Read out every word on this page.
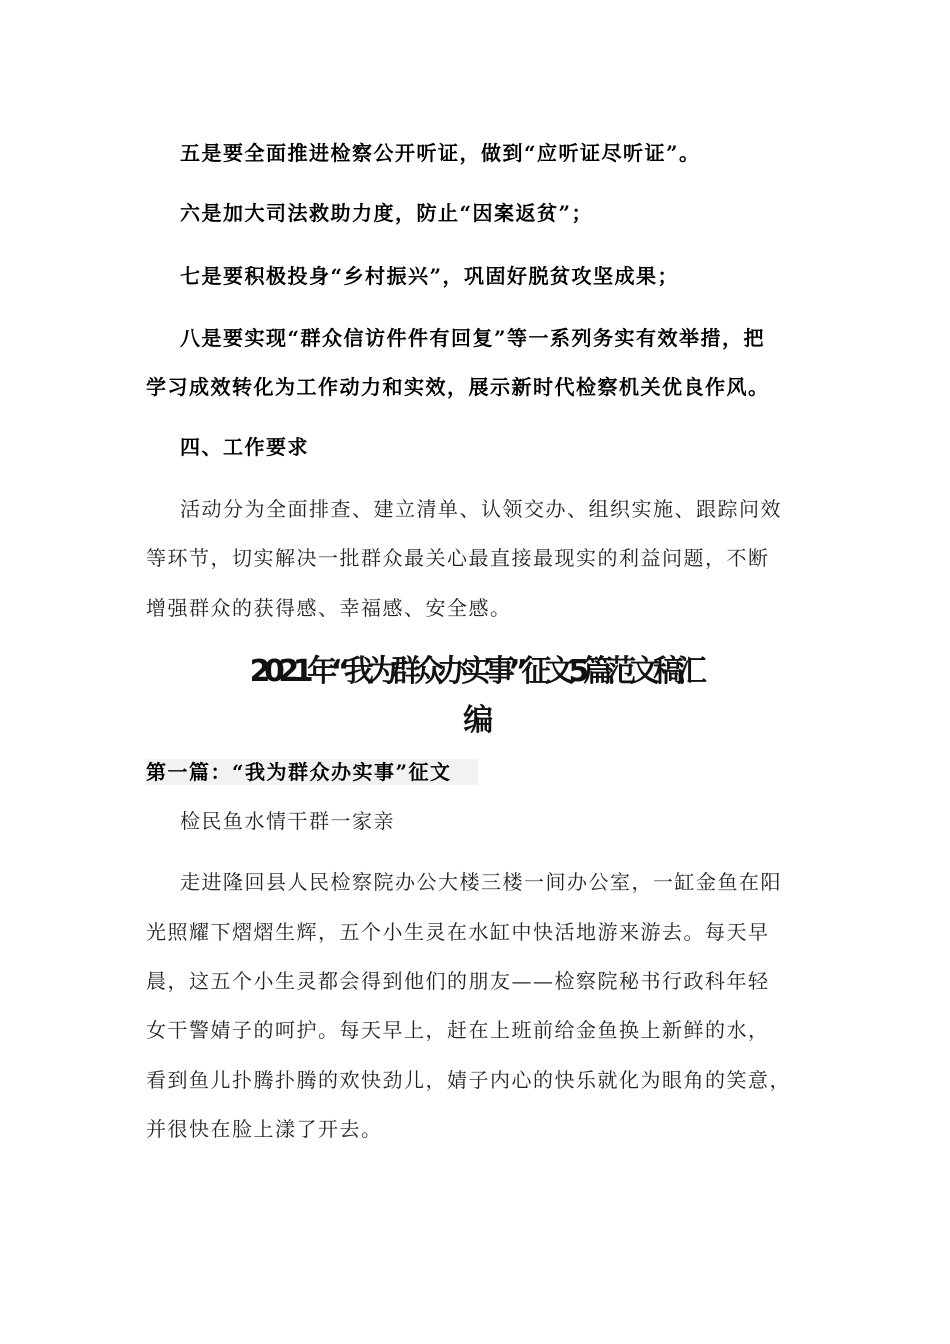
五是要全面推进检察公开听证，做到“应听证尽听证”。
六是加大司法救助力度，防止“因案返贫”；
七是要积极投身“乡村振兴”，巩固好脱贫攻坚成果；
八是要实现“群众信访件件有回复”等一系列务实有效举措，把
学习成效转化为工作动力和实效，展示新时代检察机关优良作风。
四、工作要求
活动分为全面排查、建立清单、认领交办、组织实施、跟踪问效
等环节，切实解决一批群众最关心最直接最现实的利益问题，不断
增强群众的获得感、幸福感、安全感。
2021年“我为群众办实事”征文5篇范文稿汇
编
第一篇：“我为群众办实事”征文
检民鱼水情干群一家亲
走进隆回县人民检察院办公大楼三楼一间办公室，一缸金鱼在阳
光照耀下熠熠生辉，五个小生灵在水缸中快活地游来游去。每天早
晨，这五个小生灵都会得到他们的朋友——检察院秘书行政科年轻
女干警婧子的呵护。每天早上，赶在上班前给金鱼换上新鲜的水，
看到鱼儿扑腾扑腾的欢快劲儿，婧子内心的快乐就化为眼角的笑意，
并很快在脸上漾了开去。
